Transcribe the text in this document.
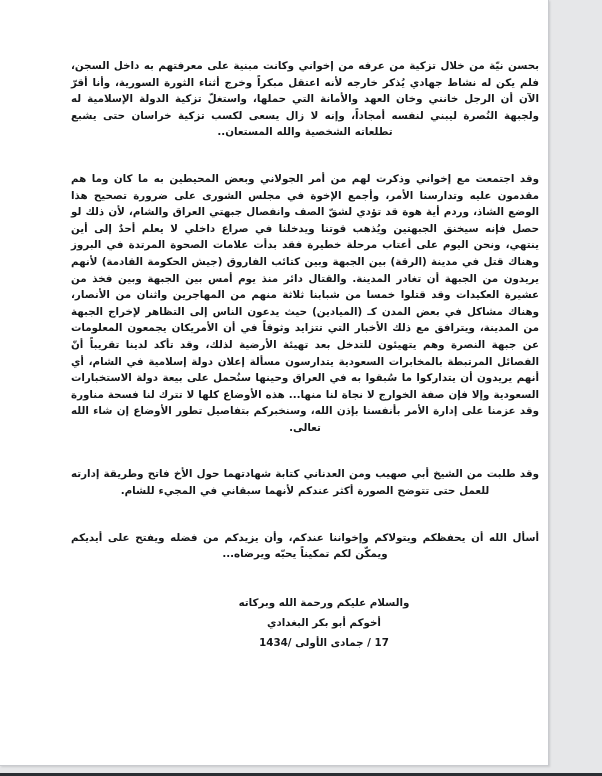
بحسن نيّة من خلال تزكية من عرفه من إخواني وكانت مبنية على معرفتهم به داخل السجن، فلم يكن له نشاط جهادي يُذكر خارجه لأنه اعتقل مبكراً وخرج أثناء الثورة السورية، وأنا أقرّ الآن أن الرجل خانني وخان العهد والأمانة التي حملها، واستغلّ تزكية الدولة الإسلامية له ولجبهة النُصرة ليبني لنفسه أمجاداً، وإنه لا زال يسعى لكسب تزكية خراسان حتى يشبع تطلعاته الشخصية والله المستعان..

وقد اجتمعت مع إخواني وذكرت لهم من أمر الجولاني وبعض المحيطين به ما كان وما هم مقدمون عليه وتدارسنا الأمر، وأجمع الإخوة في مجلس الشورى على ضرورة تصحيح هذا الوضع الشاذ، وردم أية هوة قد تؤدي لشقّ الصف وانفصال جبهتي العراق والشام، لأن ذلك لو حصل فإنه سيخنق الجبهتين ويُذهب قوتنا ويدخلنا في صراع داخلي لا يعلم أحدٌ إلى أين ينتهي، ونحن اليوم على أعتاب مرحلة خطيرة فقد بدأت علامات الصحوة المرتدة في البروز وهناك قتل في مدينة (الرقة) بين الجبهة وبين كتائب الفاروق (جيش الحكومة القادمة) لأنهم يريدون من الجبهة أن تغادر المدينة. والقتال دائر منذ يوم أمس بين الجبهة وبين فخذ من عشيرة العكيدات وقد قتلوا خمسا من شبابنا ثلاثة منهم من المهاجرين واثنان من الأنصار، وهناك مشاكل في بعض المدن كـ (الميادين) حيث يدعون الناس إلى التظاهر لإخراج الجبهة من المدينة، ويترافق مع ذلك الأخبار التي تتزايد وثوقاً في أن الأمريكان يجمعون المعلومات عن جبهة النصرة وهم يتهيئون للتدخل بعد تهيئة الأرضية لذلك، وقد تأكد لدينا تقريباً أنّ الفصائل المرتبطة بالمخابرات السعودية يتدارسون مسألة إعلان دولة إسلامية في الشام، أي أنهم يريدون أن يتداركوا ما سُبقوا به في العراق وحينها سنُحمل على بيعة دولة الاستخبارات السعودية وإلا فإن صفة الخوارج لا نجاة لنا منها... هذه الأوضاع كلها لا تترك لنا فسحة مناورة وقد عزمنا على إدارة الأمر بأنفسنا بإذن الله، وسنخبركم بتفاصيل تطور الأوضاع إن شاء الله تعالى.

وقد طلبت من الشيخ أبي صهيب ومن العدناني كتابة شهادتهما حول الأخ فاتح وطريقة إدارته للعمل حتى تتوضح الصورة أكثر عندكم لأنهما سبقاني في المجيء للشام.

أسأل الله أن يحفظكم ويتولاكم وإخواننا عندكم، وأن يزيدكم من فضله ويفتح على أيديكم ويمكّن لكم تمكيناً يحبّه ويرضاه...

والسلام عليكم ورحمة الله وبركاته

أخوكم أبو بكر البغدادي

17 / جمادى الأولى /1434
